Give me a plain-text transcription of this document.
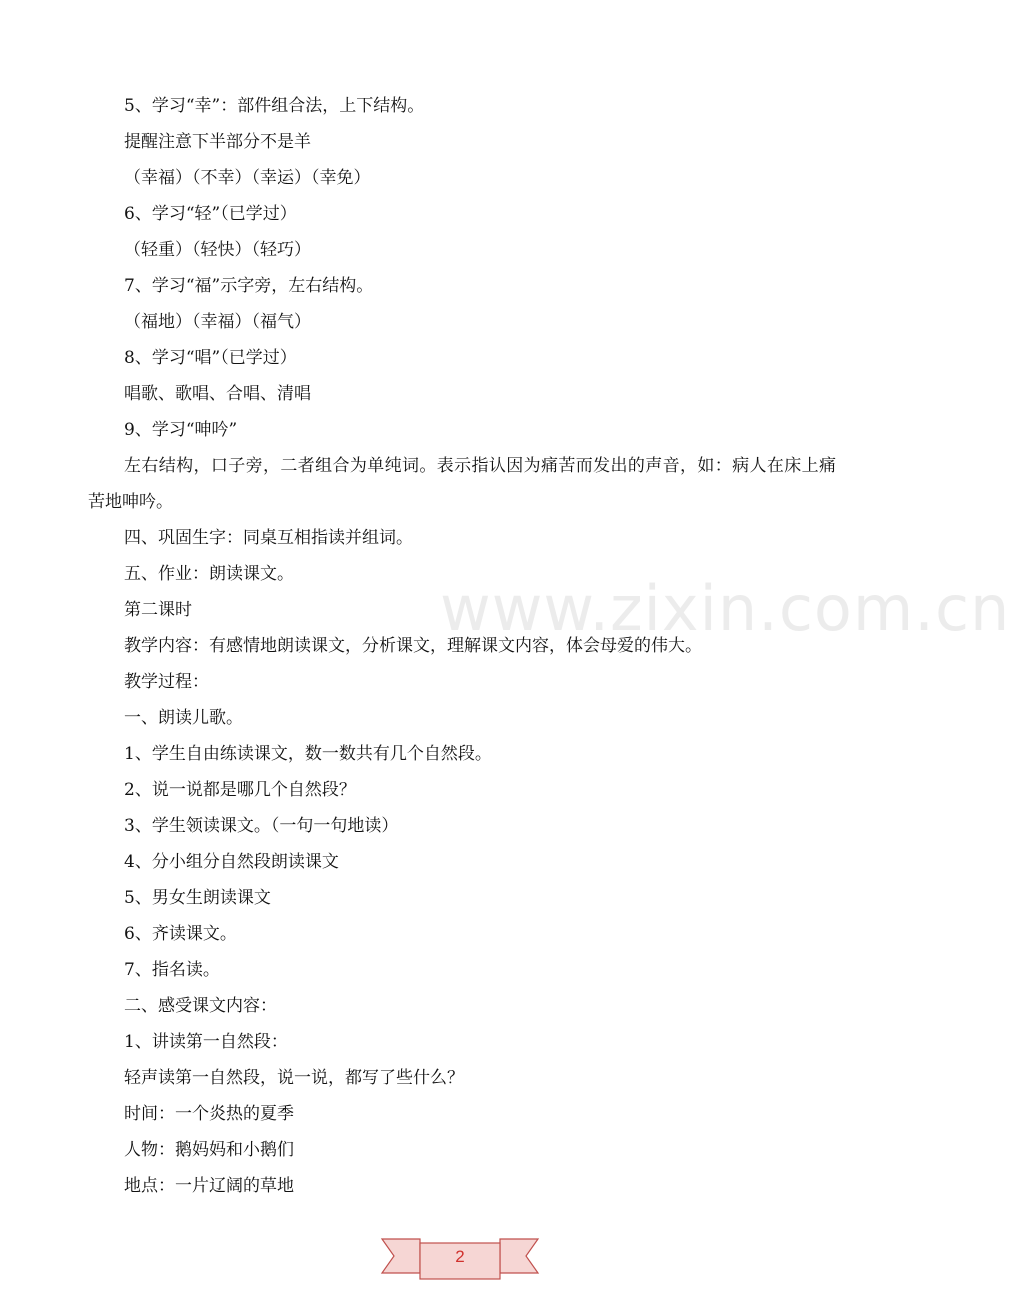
www.zixin.com.cn
5、学习“幸”：部件组合法，上下结构。
提醒注意下半部分不是羊
（幸福）（不幸）（幸运）（幸免）
6、学习“轻”（已学过）
（轻重）（轻快）（轻巧）
7、学习“福”示字旁，左右结构。
（福地）（幸福）（福气）
8、学习“唱”（已学过）
唱歌、歌唱、合唱、清唱
9、学习“呻吟”
左右结构，口子旁，二者组合为单纯词。表示指认因为痛苦而发出的声音，如：病人在床上痛苦地呻吟。
四、巩固生字：同桌互相指读并组词。
五、作业：朗读课文。
第二课时
教学内容：有感情地朗读课文，分析课文，理解课文内容，体会母爱的伟大。
教学过程：
一、朗读儿歌。
1、学生自由练读课文，数一数共有几个自然段。
2、说一说都是哪几个自然段？
3、学生领读课文。（一句一句地读）
4、分小组分自然段朗读课文
5、男女生朗读课文
6、齐读课文。
7、指名读。
二、感受课文内容：
1、讲读第一自然段：
轻声读第一自然段，说一说，都写了些什么？
时间：一个炎热的夏季
人物：鹅妈妈和小鹅们
地点：一片辽阔的草地
2
